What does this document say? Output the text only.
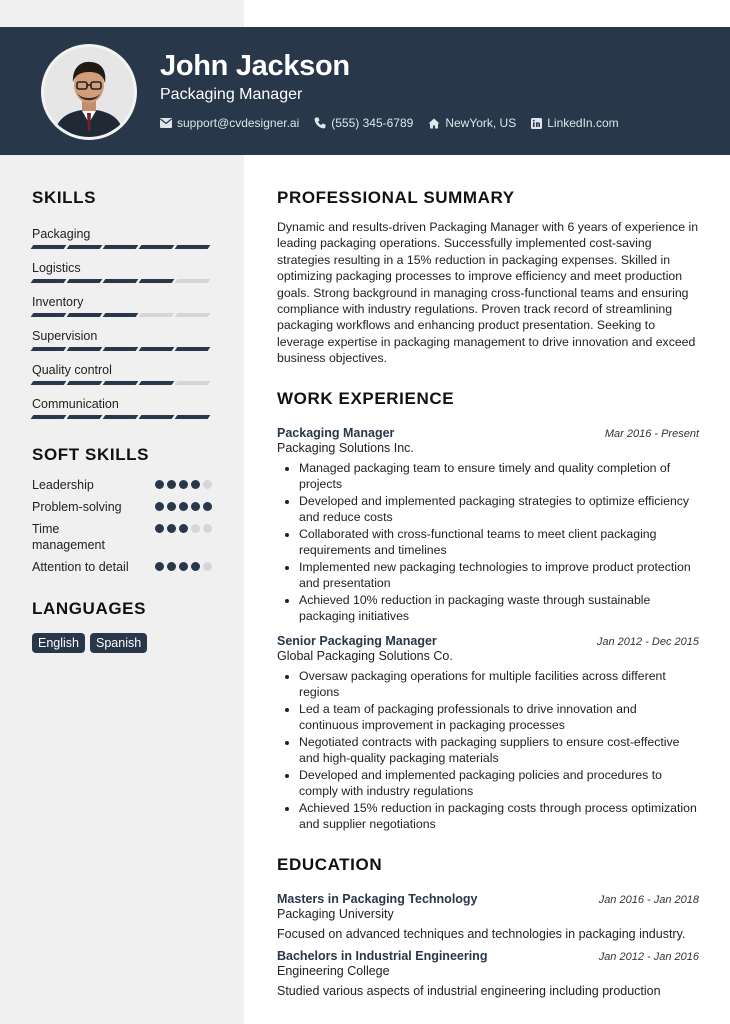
John Jackson
Packaging Manager
support@cvdesigner.ai	(555) 345-6789	NewYork, US	LinkedIn.com
SKILLS
Packaging
Logistics
Inventory
Supervision
Quality control
Communication
SOFT SKILLS
Leadership
Problem-solving
Time management
Attention to detail
LANGUAGES
English	Spanish
PROFESSIONAL SUMMARY
Dynamic and results-driven Packaging Manager with 6 years of experience in leading packaging operations. Successfully implemented cost-saving strategies resulting in a 15% reduction in packaging expenses. Skilled in optimizing packaging processes to improve efficiency and meet production goals. Strong background in managing cross-functional teams and ensuring compliance with industry regulations. Proven track record of streamlining packaging workflows and enhancing product presentation. Seeking to leverage expertise in packaging management to drive innovation and exceed business objectives.
WORK EXPERIENCE
Packaging Manager	Mar 2016 - Present
Packaging Solutions Inc.
• Managed packaging team to ensure timely and quality completion of projects
• Developed and implemented packaging strategies to optimize efficiency and reduce costs
• Collaborated with cross-functional teams to meet client packaging requirements and timelines
• Implemented new packaging technologies to improve product protection and presentation
• Achieved 10% reduction in packaging waste through sustainable packaging initiatives
Senior Packaging Manager	Jan 2012 - Dec 2015
Global Packaging Solutions Co.
• Oversaw packaging operations for multiple facilities across different regions
• Led a team of packaging professionals to drive innovation and continuous improvement in packaging processes
• Negotiated contracts with packaging suppliers to ensure cost-effective and high-quality packaging materials
• Developed and implemented packaging policies and procedures to comply with industry regulations
• Achieved 15% reduction in packaging costs through process optimization and supplier negotiations
EDUCATION
Masters in Packaging Technology	Jan 2016 - Jan 2018
Packaging University
Focused on advanced techniques and technologies in packaging industry.
Bachelors in Industrial Engineering	Jan 2012 - Jan 2016
Engineering College
Studied various aspects of industrial engineering including production
